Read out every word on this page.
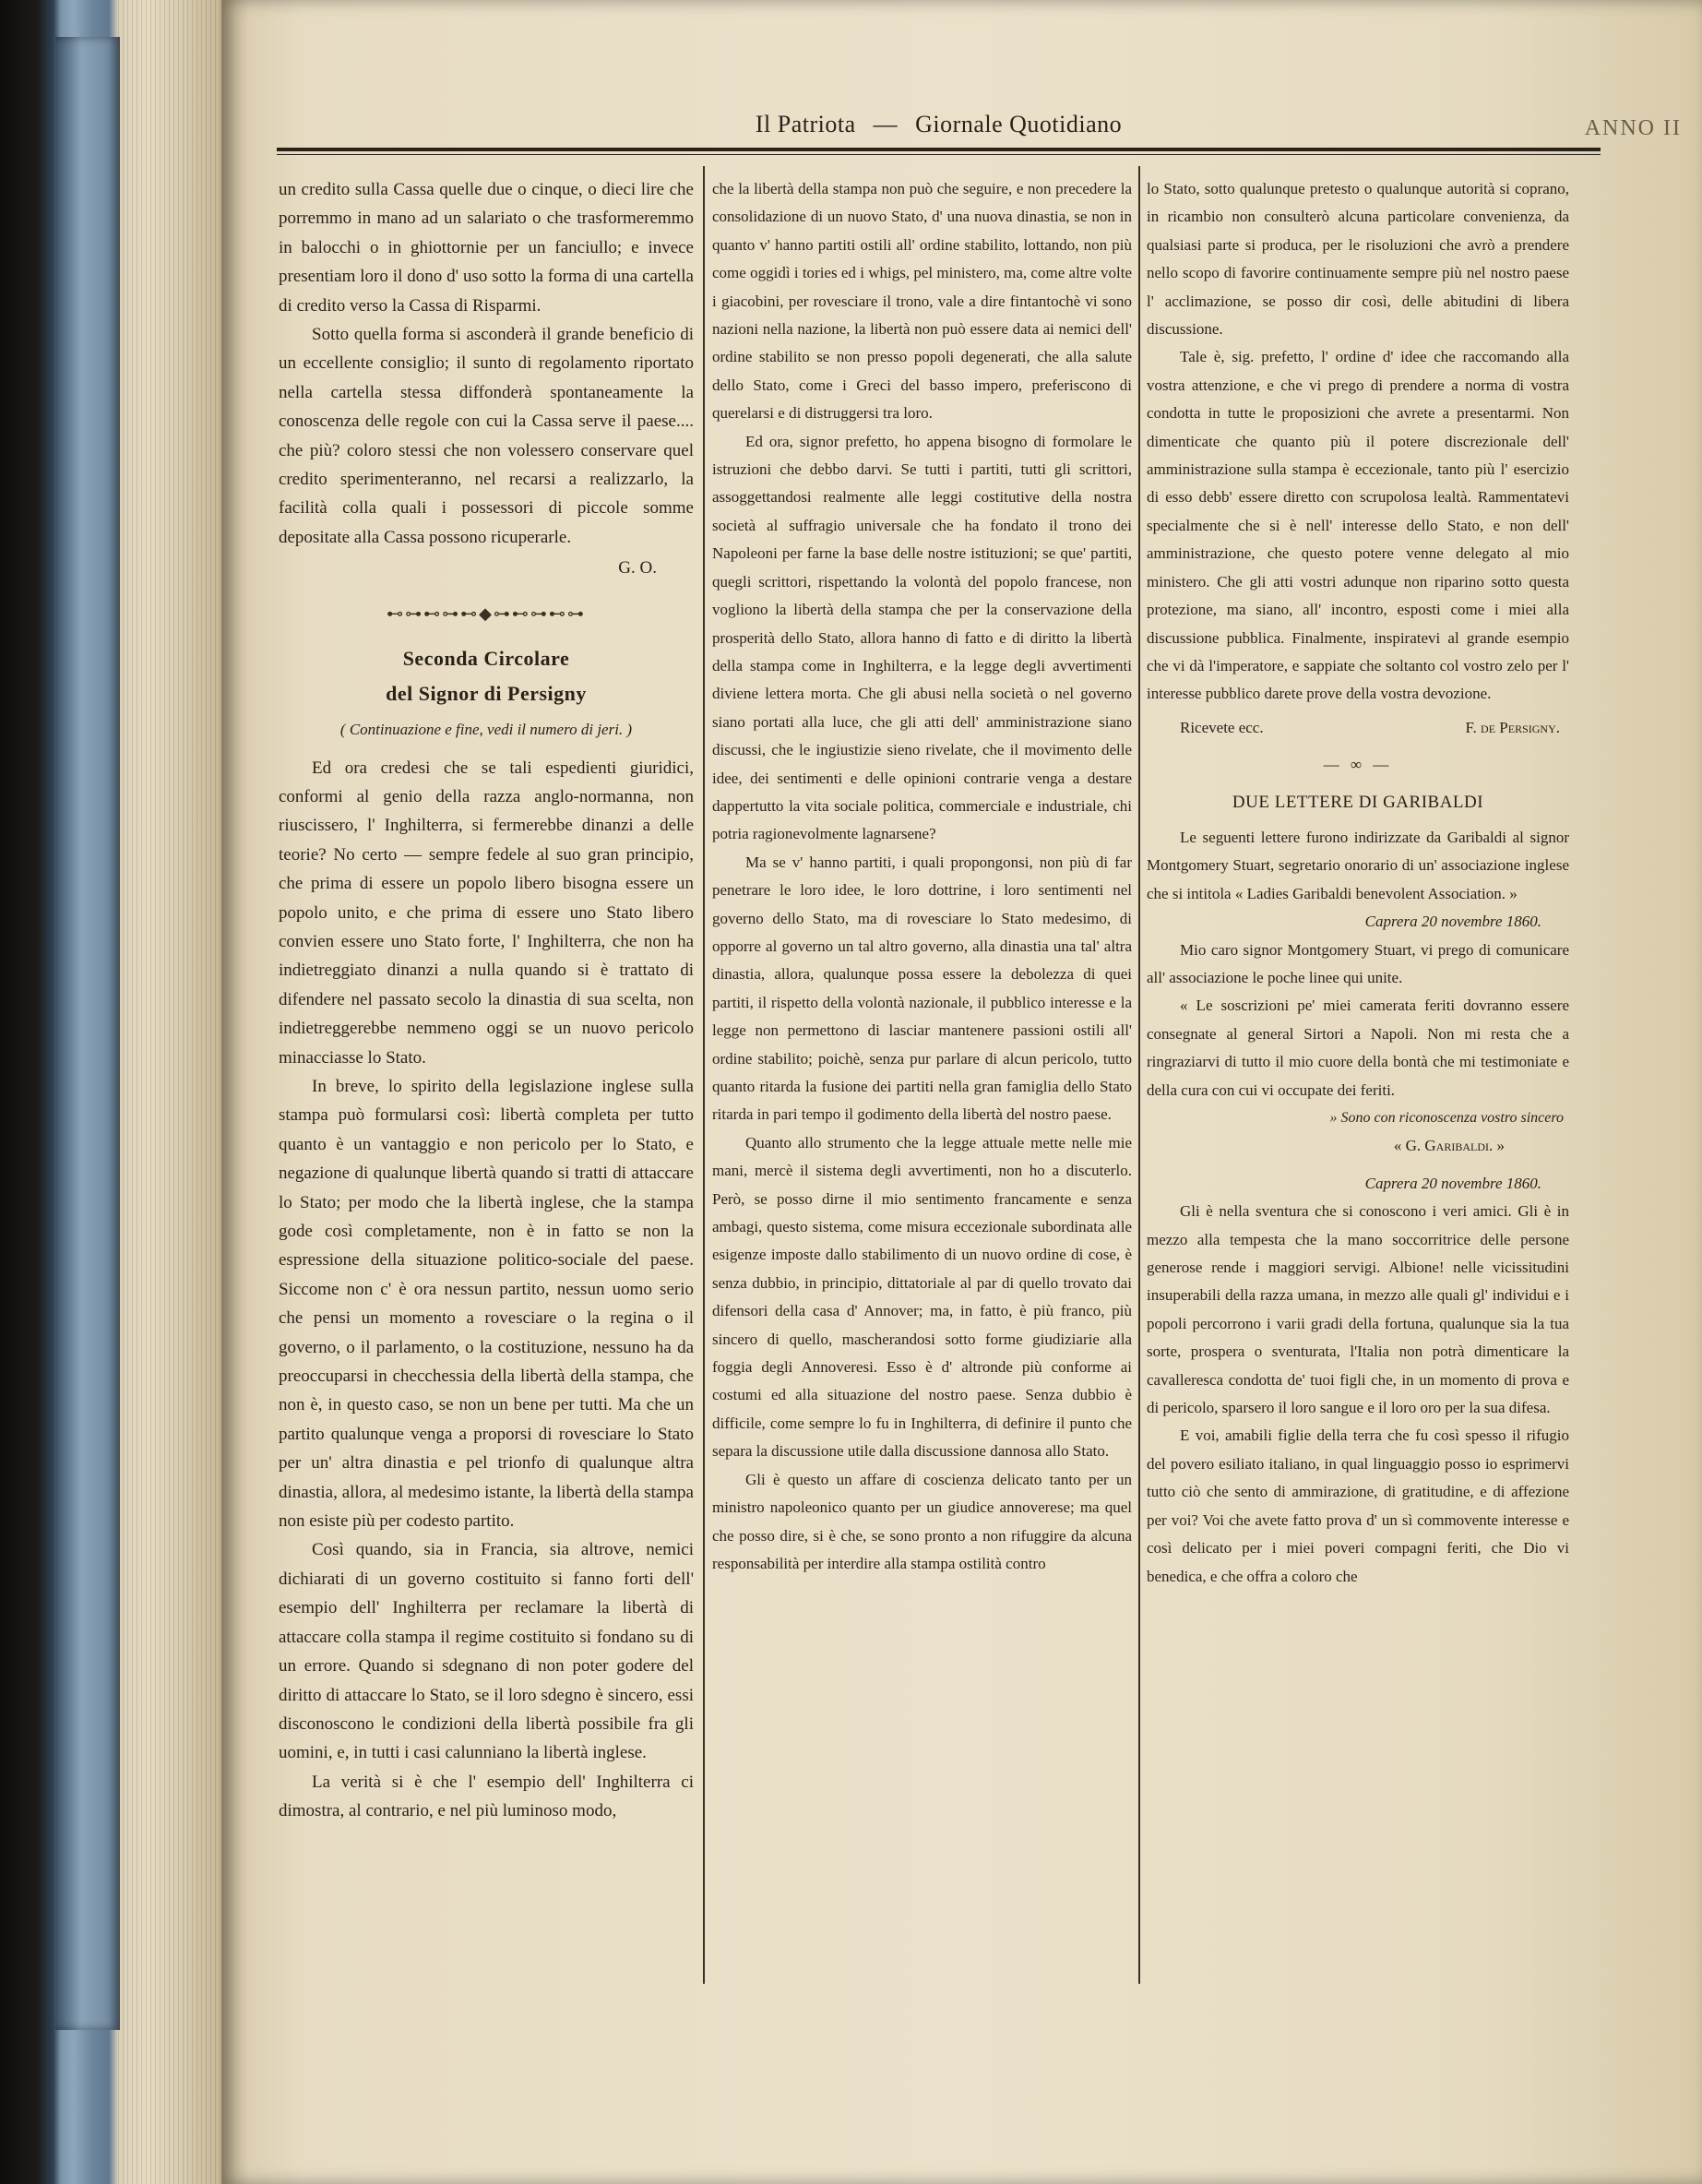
Il Patriota — Giornale Quotidiano	ANNO II

un credito sulla Cassa quelle due o cinque, o dieci lire che porremmo in mano ad un salariato o che trasformeremmo in balocchi o in ghiottornie per un fanciullo; e invece presentiam loro il dono d' uso sotto la forma di una cartella di credito verso la Cassa di Risparmi.

Sotto quella forma si asconderà il grande beneficio di un eccellente consiglio; il sunto di regolamento riportato nella cartella stessa diffonderà spontaneamente la conoscenza delle regole con cui la Cassa serve il paese.... che più? coloro stessi che non volessero conservare quel credito sperimenteranno, nel recarsi a realizzarlo, la facilità colla quali i possessori di piccole somme depositate alla Cassa possono ricuperarle.

G. O.
⊷⊶⊷⊶⊷◆⊶⊷⊶⊷⊶
Seconda Circolare
del Signor di Persigny
( Continuazione e fine, vedi il numero di jeri. )

Ed ora credesi che se tali espedienti giuridici, conformi al genio della razza anglo-normanna, non riuscissero, l' Inghilterra, si fermerebbe dinanzi a delle teorie? No certo — sempre fedele al suo gran principio, che prima di essere un popolo libero bisogna essere un popolo unito, e che prima di essere uno Stato libero convien essere uno Stato forte, l' Inghilterra, che non ha indietreggiato dinanzi a nulla quando si è trattato di difendere nel passato secolo la dinastia di sua scelta, non indietreggerebbe nemmeno oggi se un nuovo pericolo minacciasse lo Stato.

In breve, lo spirito della legislazione inglese sulla stampa può formularsi così: libertà completa per tutto quanto è un vantaggio e non pericolo per lo Stato, e negazione di qualunque libertà quando si tratti di attaccare lo Stato; per modo che la libertà inglese, che la stampa gode così completamente, non è in fatto se non la espressione della situazione politico-sociale del paese. Siccome non c' è ora nessun partito, nessun uomo serio che pensi un momento a rovesciare o la regina o il governo, o il parlamento, o la costituzione, nessuno ha da preoccuparsi in checchessia della libertà della stampa, che non è, in questo caso, se non un bene per tutti. Ma che un partito qualunque venga a proporsi di rovesciare lo Stato per un' altra dinastia e pel trionfo di qualunque altra dinastia, allora, al medesimo istante, la libertà della stampa non esiste più per codesto partito.

Così quando, sia in Francia, sia altrove, nemici dichiarati di un governo costituito si fanno forti dell' esempio dell' Inghilterra per reclamare la libertà di attaccare colla stampa il regime costituito si fondano su di un errore. Quando si sdegnano di non poter godere del diritto di attaccare lo Stato, se il loro sdegno è sincero, essi disconoscono le condizioni della libertà possibile fra gli uomini, e, in tutti i casi calunniano la libertà inglese.

La verità si è che l' esempio dell' Inghilterra ci dimostra, al contrario, e nel più luminoso modo,

che la libertà della stampa non può che seguire, e non precedere la consolidazione di un nuovo Stato, d' una nuova dinastia, se non in quanto v' hanno partiti ostili all' ordine stabilito, lottando, non più come oggidì i tories ed i whigs, pel ministero, ma, come altre volte i giacobini, per rovesciare il trono, vale a dire fintantochè vi sono nazioni nella nazione, la libertà non può essere data ai nemici dell' ordine stabilito se non presso popoli degenerati, che alla salute dello Stato, come i Greci del basso impero, preferiscono di querelarsi e di distruggersi tra loro.

Ed ora, signor prefetto, ho appena bisogno di formolare le istruzioni che debbo darvi. Se tutti i partiti, tutti gli scrittori, assoggettandosi realmente alle leggi costitutive della nostra società al suffragio universale che ha fondato il trono dei Napoleoni per farne la base delle nostre istituzioni; se que' partiti, quegli scrittori, rispettando la volontà del popolo francese, non vogliono la libertà della stampa che per la conservazione della prosperità dello Stato, allora hanno di fatto e di diritto la libertà della stampa come in Inghilterra, e la legge degli avvertimenti diviene lettera morta. Che gli abusi nella società o nel governo siano portati alla luce, che gli atti dell' amministrazione siano discussi, che le ingiustizie sieno rivelate, che il movimento delle idee, dei sentimenti e delle opinioni contrarie venga a destare dappertutto la vita sociale politica, commerciale e industriale, chi potria ragionevolmente lagnarsene?

Ma se v' hanno partiti, i quali propongonsi, non più di far penetrare le loro idee, le loro dottrine, i loro sentimenti nel governo dello Stato, ma di rovesciare lo Stato medesimo, di opporre al governo un tal altro governo, alla dinastia una tal' altra dinastia, allora, qualunque possa essere la debolezza di quei partiti, il rispetto della volontà nazionale, il pubblico interesse e la legge non permettono di lasciar mantenere passioni ostili all' ordine stabilito; poichè, senza pur parlare di alcun pericolo, tutto quanto ritarda la fusione dei partiti nella gran famiglia dello Stato ritarda in pari tempo il godimento della libertà del nostro paese.

Quanto allo strumento che la legge attuale mette nelle mie mani, mercè il sistema degli avvertimenti, non ho a discuterlo. Però, se posso dirne il mio sentimento francamente e senza ambagi, questo sistema, come misura eccezionale subordinata alle esigenze imposte dallo stabilimento di un nuovo ordine di cose, è senza dubbio, in principio, dittatoriale al par di quello trovato dai difensori della casa d' Annover; ma, in fatto, è più franco, più sincero di quello, mascherandosi sotto forme giudiziarie alla foggia degli Annoveresi. Esso è d' altronde più conforme ai costumi ed alla situazione del nostro paese. Senza dubbio è difficile, come sempre lo fu in Inghilterra, di definire il punto che separa la discussione utile dalla discussione dannosa allo Stato.

Gli è questo un affare di coscienza delicato tanto per un ministro napoleonico quanto per un giudice annoverese; ma quel che posso dire, si è che, se sono pronto a non rifuggire da alcuna responsabilità per interdire alla stampa ostilità contro

lo Stato, sotto qualunque pretesto o qualunque autorità si coprano, in ricambio non consulterò alcuna particolare convenienza, da qualsiasi parte si produca, per le risoluzioni che avrò a prendere nello scopo di favorire continuamente sempre più nel nostro paese l' acclimazione, se posso dir così, delle abitudini di libera discussione.

Tale è, sig. prefetto, l' ordine d' idee che raccomando alla vostra attenzione, e che vi prego di prendere a norma di vostra condotta in tutte le proposizioni che avrete a presentarmi. Non dimenticate che quanto più il potere discrezionale dell' amministrazione sulla stampa è eccezionale, tanto più l' esercizio di esso debb' essere diretto con scrupolosa lealtà. Rammentatevi specialmente che si è nell' interesse dello Stato, e non dell' amministrazione, che questo potere venne delegato al mio ministero. Che gli atti vostri adunque non riparino sotto questa protezione, ma siano, all' incontro, esposti come i miei alla discussione pubblica. Finalmente, inspiratevi al grande esempio che vi dà l'imperatore, e sappiate che soltanto col vostro zelo per l' interesse pubblico darete prove della vostra devozione.

Ricevete ecc.	F. de Persigny.

— ∞ —
DUE LETTERE DI GARIBALDI

Le seguenti lettere furono indirizzate da Garibaldi al signor Montgomery Stuart, segretario onorario di un' associazione inglese che si intitola « Ladies Garibaldi benevolent Association. »

Caprera 20 novembre 1860.

Mio caro signor Montgomery Stuart, vi prego di comunicare all' associazione le poche linee qui unite.

« Le soscrizioni pe' miei camerata feriti dovranno essere consegnate al general Sirtori a Napoli. Non mi resta che a ringraziarvi di tutto il mio cuore della bontà che mi testimoniate e della cura con cui vi occupate dei feriti.

» Sono con riconoscenza vostro sincero
« G. Garibaldi. »
Caprera 20 novembre 1860.

Gli è nella sventura che si conoscono i veri amici. Gli è in mezzo alla tempesta che la mano soccorritrice delle persone generose rende i maggiori servigi. Albione! nelle vicissitudini insuperabili della razza umana, in mezzo alle quali gl' individui e i popoli percorrono i varii gradi della fortuna, qualunque sia la tua sorte, prospera o sventurata, l'Italia non potrà dimenticare la cavalleresca condotta de' tuoi figli che, in un momento di prova e di pericolo, sparsero il loro sangue e il loro oro per la sua difesa.

E voi, amabili figlie della terra che fu così spesso il rifugio del povero esiliato italiano, in qual linguaggio posso io esprimervi tutto ciò che sento di ammirazione, di gratitudine, e di affezione per voi? Voi che avete fatto prova d' un sì commovente interesse e così delicato per i miei poveri compagni feriti, che Dio vi benedica, e che offra a coloro che
